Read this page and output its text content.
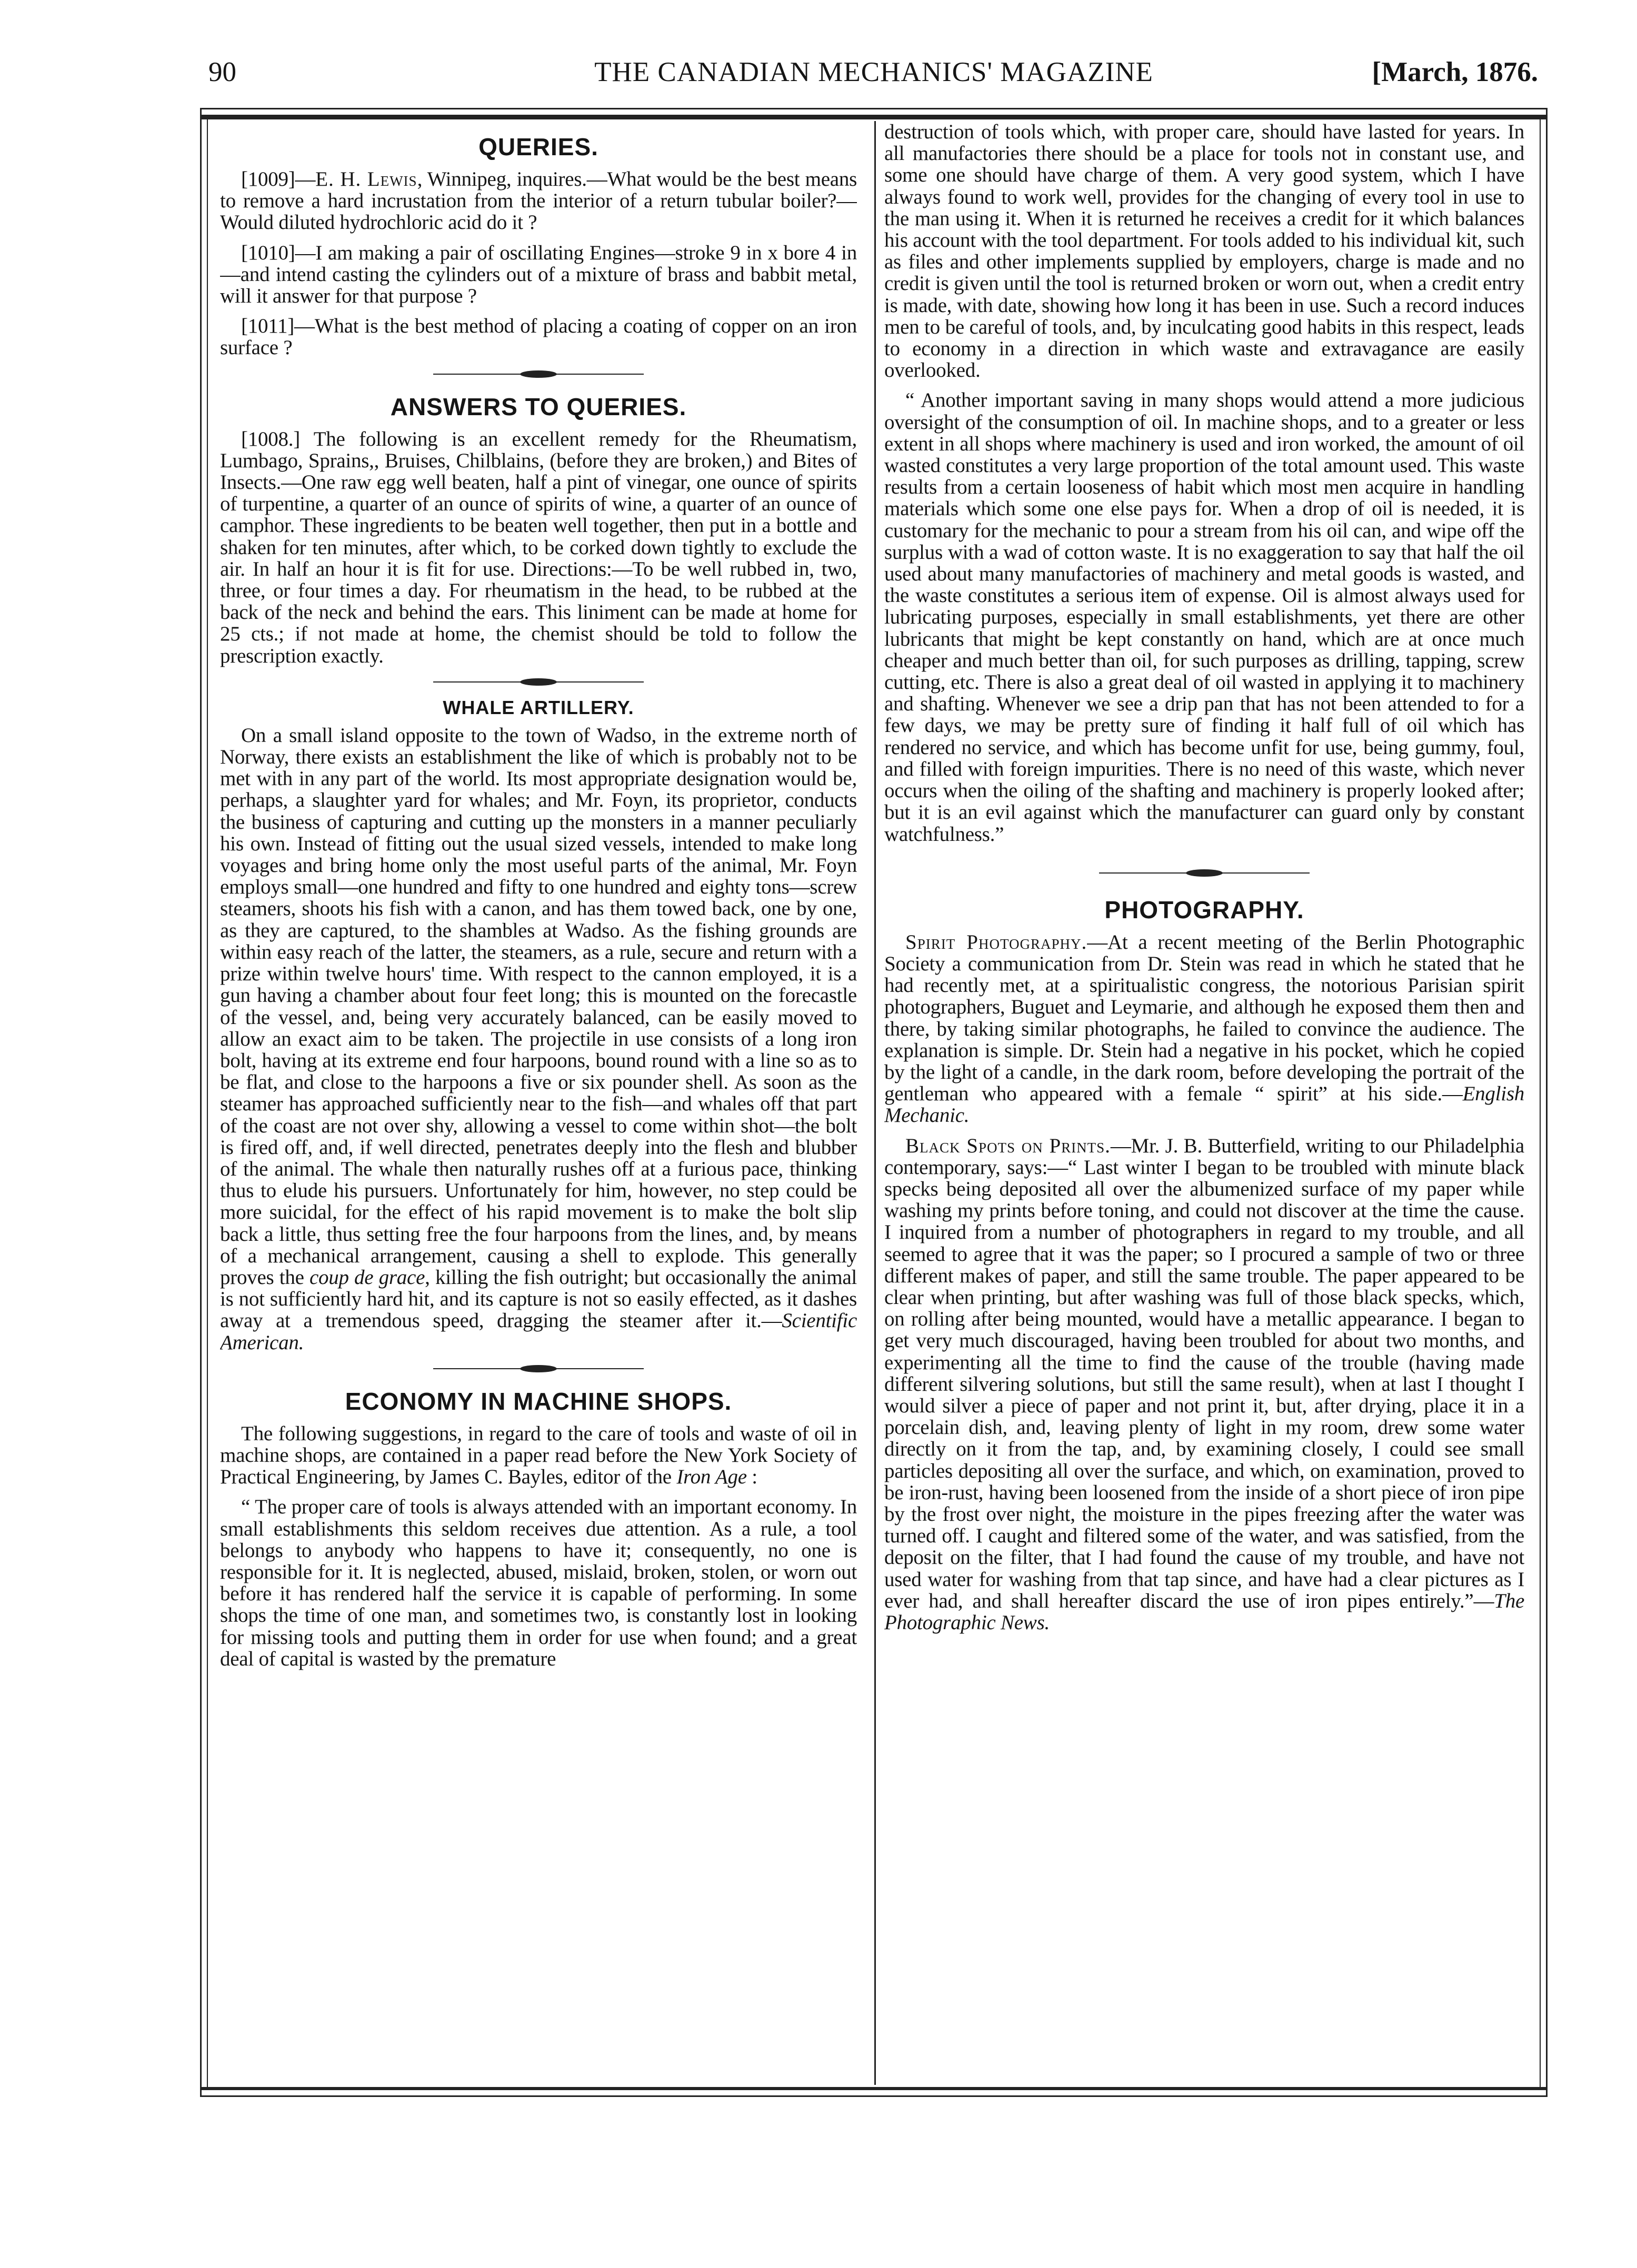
90	THE CANADIAN MECHANICS' MAGAZINE	[March, 1876.
QUERIES.

[1009]—E. H. Lewis, Winnipeg, inquires.—What would be the best means to remove a hard incrustation from the interior of a return tubular boiler?—Would diluted hydrochloric acid do it ?

[1010]—I am making a pair of oscillating Engines—stroke 9 in x bore 4 in—and intend casting the cylinders out of a mixture of brass and babbit metal, will it answer for that purpose ?

[1011]—What is the best method of placing a coating of copper on an iron surface ?

ANSWERS TO QUERIES.

[1008.] The following is an excellent remedy for the Rheumatism, Lumbago, Sprains,, Bruises, Chilblains, (before they are broken,) and Bites of Insects.—One raw egg well beaten, half a pint of vinegar, one ounce of spirits of turpentine, a quarter of an ounce of spirits of wine, a quarter of an ounce of camphor. These ingredients to be beaten well together, then put in a bottle and shaken for ten minutes, after which, to be corked down tightly to exclude the air. In half an hour it is fit for use. Directions:—To be well rubbed in, two, three, or four times a day. For rheumatism in the head, to be rubbed at the back of the neck and behind the ears. This liniment can be made at home for 25 cts.; if not made at home, the chemist should be told to follow the prescription exactly.

WHALE ARTILLERY.

On a small island opposite to the town of Wadso, in the extreme north of Norway, there exists an establishment the like of which is probably not to be met with in any part of the world. Its most appropriate designation would be, perhaps, a slaughter yard for whales; and Mr. Foyn, its proprietor, conducts the business of capturing and cutting up the monsters in a manner peculiarly his own. Instead of fitting out the usual sized vessels, intended to make long voyages and bring home only the most useful parts of the animal, Mr. Foyn employs small—one hundred and fifty to one hundred and eighty tons—screw steamers, shoots his fish with a canon, and has them towed back, one by one, as they are captured, to the shambles at Wadso. As the fishing grounds are within easy reach of the latter, the steamers, as a rule, secure and return with a prize within twelve hours' time. With respect to the cannon employed, it is a gun having a chamber about four feet long; this is mounted on the forecastle of the vessel, and, being very accurately balanced, can be easily moved to allow an exact aim to be taken. The projectile in use consists of a long iron bolt, having at its extreme end four harpoons, bound round with a line so as to be flat, and close to the harpoons a five or six pounder shell. As soon as the steamer has approached sufficiently near to the fish—and whales off that part of the coast are not over shy, allowing a vessel to come within shot—the bolt is fired off, and, if well directed, penetrates deeply into the flesh and blubber of the animal. The whale then naturally rushes off at a furious pace, thinking thus to elude his pursuers. Unfortunately for him, however, no step could be more suicidal, for the effect of his rapid movement is to make the bolt slip back a little, thus setting free the four harpoons from the lines, and, by means of a mechanical arrangement, causing a shell to explode. This generally proves the coup de grace, killing the fish outright; but occasionally the animal is not sufficiently hard hit, and its capture is not so easily effected, as it dashes away at a tremendous speed, dragging the steamer after it.—Scientific American.

ECONOMY IN MACHINE SHOPS.

The following suggestions, in regard to the care of tools and waste of oil in machine shops, are contained in a paper read before the New York Society of Practical Engineering, by James C. Bayles, editor of the Iron Age :

“ The proper care of tools is always attended with an important economy. In small establishments this seldom receives due attention. As a rule, a tool belongs to anybody who happens to have it; consequently, no one is responsible for it. It is neglected, abused, mislaid, broken, stolen, or worn out before it has rendered half the service it is capable of performing. In some shops the time of one man, and sometimes two, is constantly lost in looking for missing tools and putting them in order for use when found; and a great deal of capital is wasted by the premature

destruction of tools which, with proper care, should have lasted for years. In all manufactories there should be a place for tools not in constant use, and some one should have charge of them. A very good system, which I have always found to work well, provides for the changing of every tool in use to the man using it. When it is returned he receives a credit for it which balances his account with the tool department. For tools added to his individual kit, such as files and other implements supplied by employers, charge is made and no credit is given until the tool is returned broken or worn out, when a credit entry is made, with date, showing how long it has been in use. Such a record induces men to be careful of tools, and, by inculcating good habits in this respect, leads to economy in a direction in which waste and extravagance are easily overlooked.

“ Another important saving in many shops would attend a more judicious oversight of the consumption of oil. In machine shops, and to a greater or less extent in all shops where machinery is used and iron worked, the amount of oil wasted constitutes a very large proportion of the total amount used. This waste results from a certain looseness of habit which most men acquire in handling materials which some one else pays for. When a drop of oil is needed, it is customary for the mechanic to pour a stream from his oil can, and wipe off the surplus with a wad of cotton waste. It is no exaggeration to say that half the oil used about many manufactories of machinery and metal goods is wasted, and the waste constitutes a serious item of expense. Oil is almost always used for lubricating purposes, especially in small establishments, yet there are other lubricants that might be kept constantly on hand, which are at once much cheaper and much better than oil, for such purposes as drilling, tapping, screw cutting, etc. There is also a great deal of oil wasted in applying it to machinery and shafting. Whenever we see a drip pan that has not been attended to for a few days, we may be pretty sure of finding it half full of oil which has rendered no service, and which has become unfit for use, being gummy, foul, and filled with foreign impurities. There is no need of this waste, which never occurs when the oiling of the shafting and machinery is properly looked after; but it is an evil against which the manufacturer can guard only by constant watchfulness.”

PHOTOGRAPHY.

Spirit Photography.—At a recent meeting of the Berlin Photographic Society a communication from Dr. Stein was read in which he stated that he had recently met, at a spiritualistic congress, the notorious Parisian spirit photographers, Buguet and Leymarie, and although he exposed them then and there, by taking similar photographs, he failed to convince the audience. The explanation is simple. Dr. Stein had a negative in his pocket, which he copied by the light of a candle, in the dark room, before developing the portrait of the gentleman who appeared with a female “ spirit” at his side.—English Mechanic.

Black Spots on Prints.—Mr. J. B. Butterfield, writing to our Philadelphia contemporary, says:—“ Last winter I began to be troubled with minute black specks being deposited all over the albumenized surface of my paper while washing my prints before toning, and could not discover at the time the cause. I inquired from a number of photographers in regard to my trouble, and all seemed to agree that it was the paper; so I procured a sample of two or three different makes of paper, and still the same trouble. The paper appeared to be clear when printing, but after washing was full of those black specks, which, on rolling after being mounted, would have a metallic appearance. I began to get very much discouraged, having been troubled for about two months, and experimenting all the time to find the cause of the trouble (having made different silvering solutions, but still the same result), when at last I thought I would silver a piece of paper and not print it, but, after drying, place it in a porcelain dish, and, leaving plenty of light in my room, drew some water directly on it from the tap, and, by examining closely, I could see small particles depositing all over the surface, and which, on examination, proved to be iron-rust, having been loosened from the inside of a short piece of iron pipe by the frost over night, the moisture in the pipes freezing after the water was turned off. I caught and filtered some of the water, and was satisfied, from the deposit on the filter, that I had found the cause of my trouble, and have not used water for washing from that tap since, and have had a clear pictures as I ever had, and shall hereafter discard the use of iron pipes entirely.”—The Photographic News.
